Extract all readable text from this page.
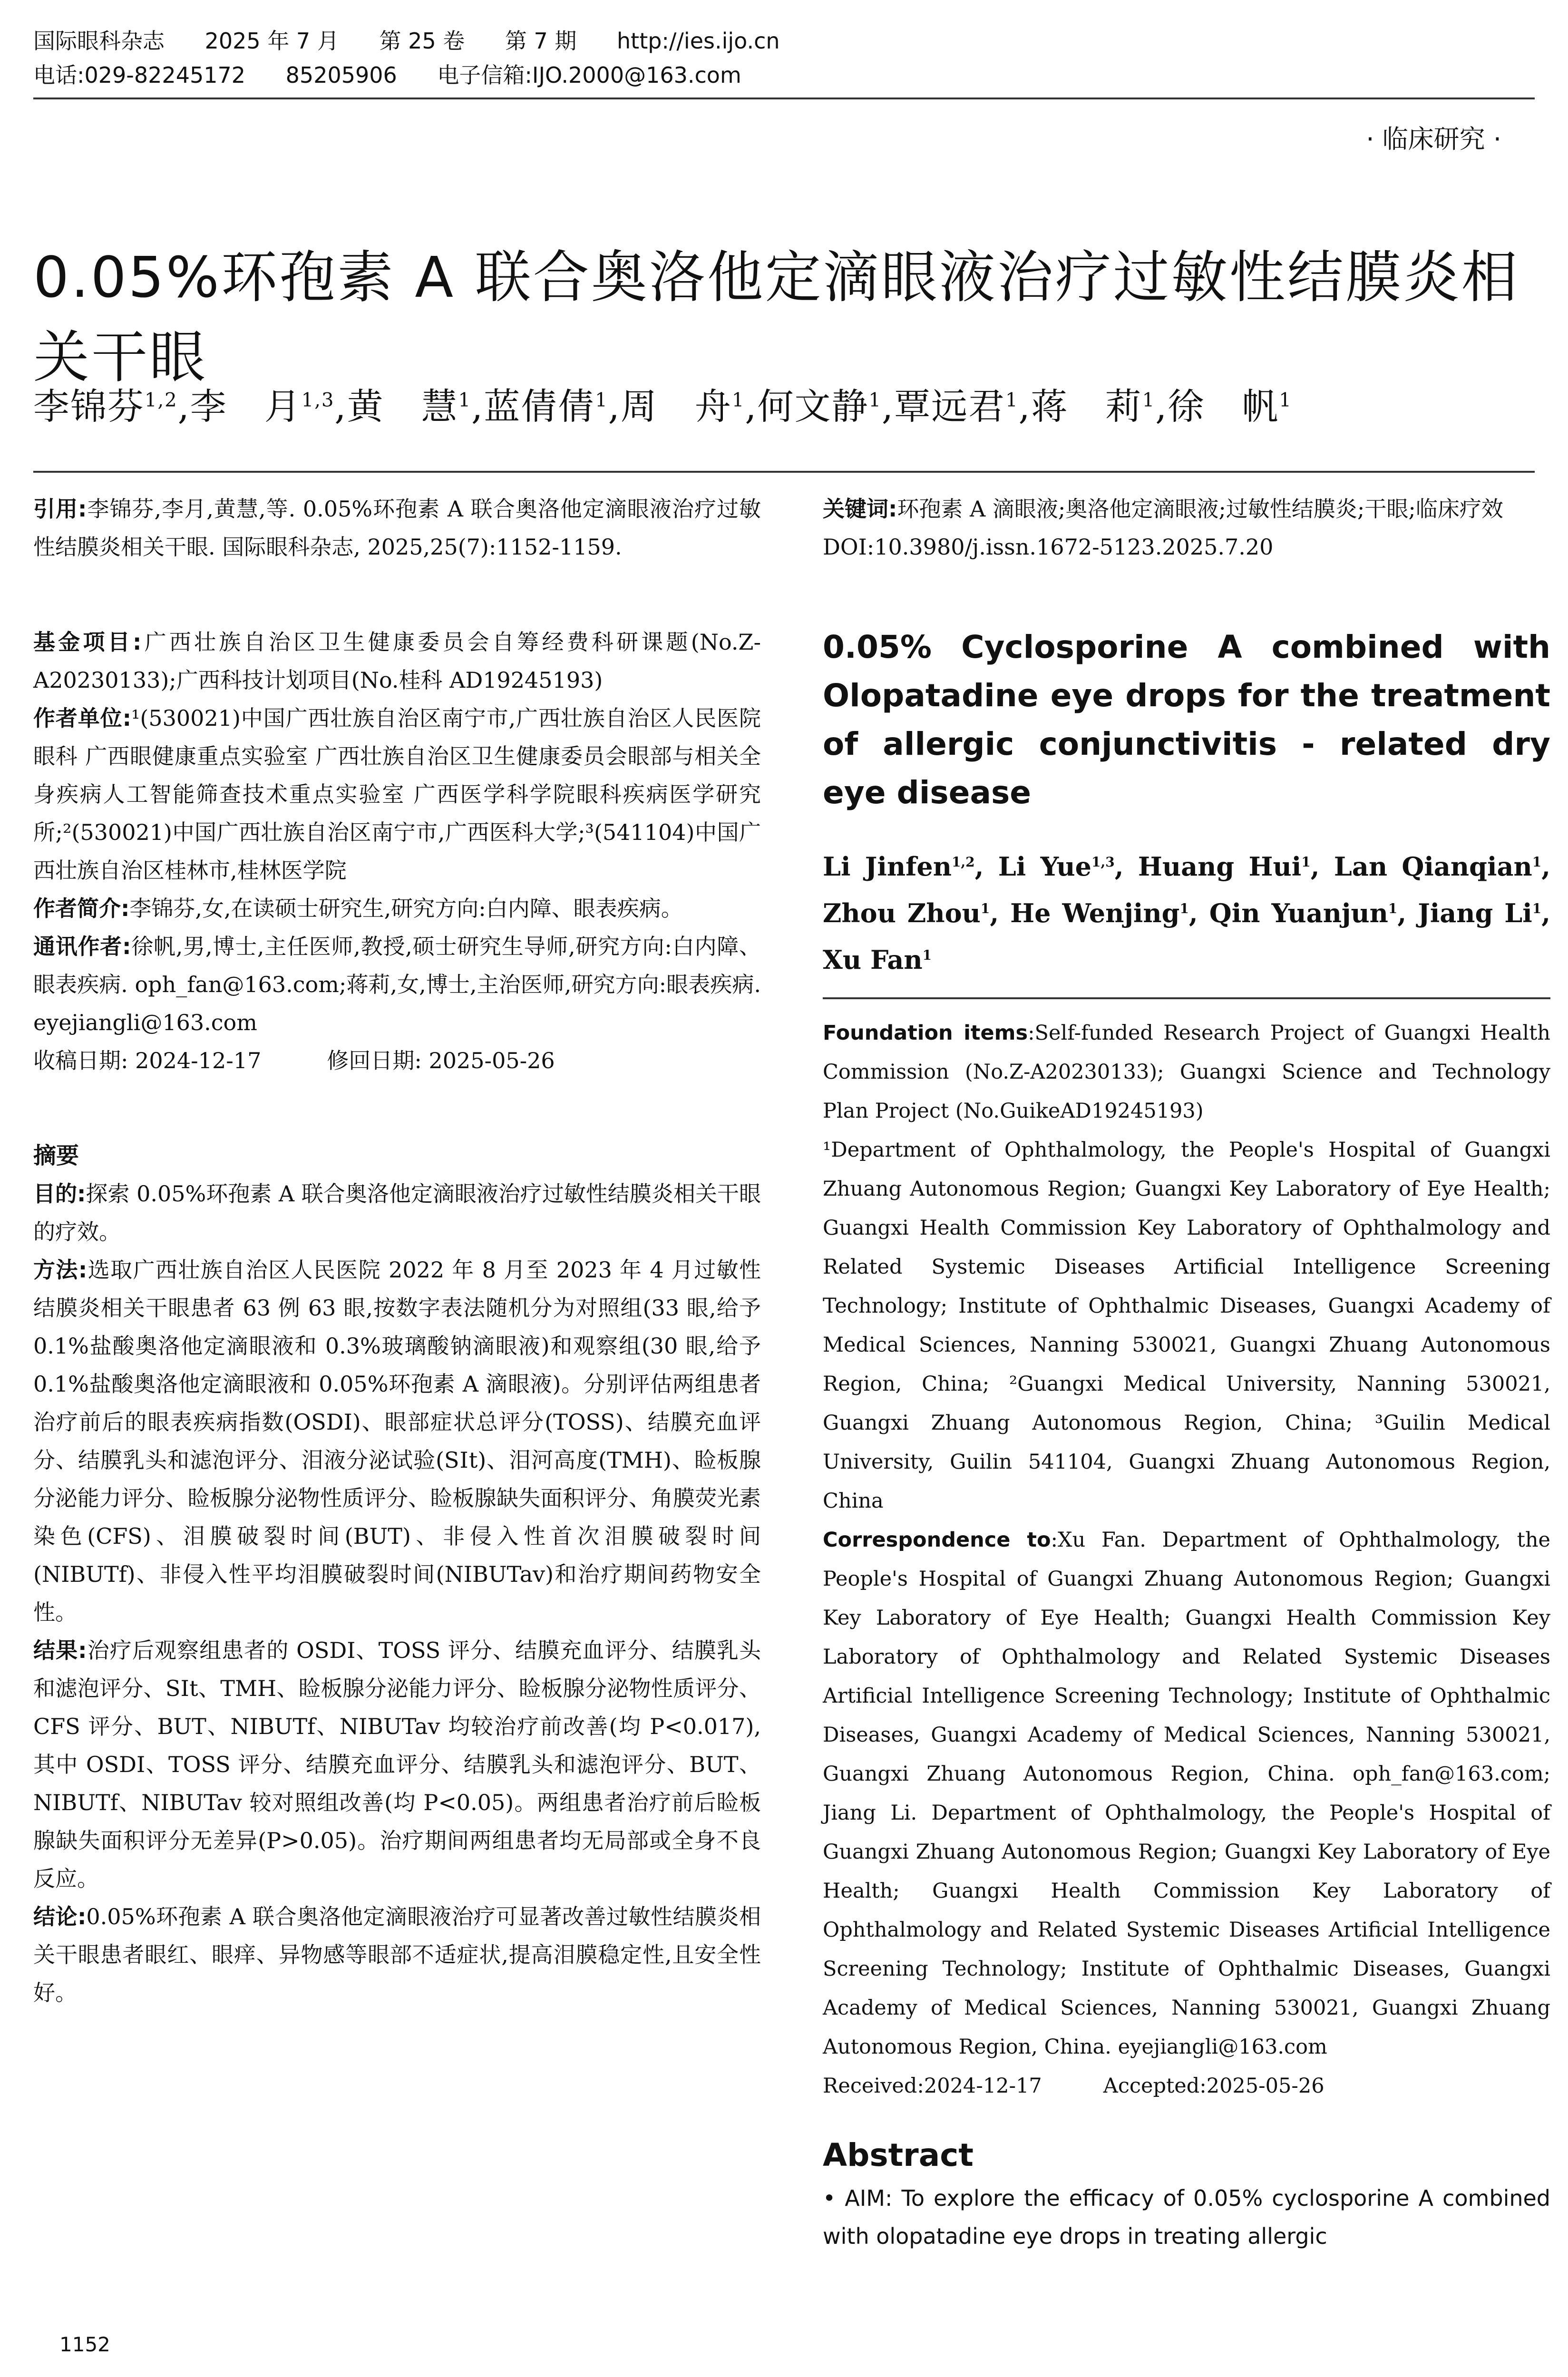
国际眼科杂志 2025 年 7 月 第 25 卷 第 7 期 http://ies.ijo.cn
电话:029-82245172 85205906 电子信箱:IJO.2000@163.com
· 临床研究 ·
0.05%环孢素 A 联合奥洛他定滴眼液治疗过敏性结膜炎相关干眼
李锦芬$^{1,2}$,李　月$^{1,3}$,黄　慧$^1$,蓝倩倩$^1$,周　舟$^1$,何文静$^1$,覃远君$^1$,蒋　莉$^1$,徐　帆$^1$

引用:李锦芬,李月,黄慧,等. 0.05%环孢素 A 联合奥洛他定滴眼液治疗过敏性结膜炎相关干眼. 国际眼科杂志, 2025,25(7):1152-1159.

基金项目:广西壮族自治区卫生健康委员会自筹经费科研课题(No.Z-A20230133);广西科技计划项目(No.桂科 AD19245193)

作者单位:¹(530021)中国广西壮族自治区南宁市,广西壮族自治区人民医院眼科 广西眼健康重点实验室 广西壮族自治区卫生健康委员会眼部与相关全身疾病人工智能筛查技术重点实验室 广西医学科学院眼科疾病医学研究所;²(530021)中国广西壮族自治区南宁市,广西医科大学;³(541104)中国广西壮族自治区桂林市,桂林医学院

作者简介:李锦芬,女,在读硕士研究生,研究方向:白内障、眼表疾病。

通讯作者:徐帆,男,博士,主任医师,教授,硕士研究生导师,研究方向:白内障、眼表疾病. oph_fan@163.com;蒋莉,女,博士,主治医师,研究方向:眼表疾病. eyejiangli@163.com

收稿日期: 2024-12-17　　　	修回日期: 2025-05-26

摘要

目的:探索 0.05%环孢素 A 联合奥洛他定滴眼液治疗过敏性结膜炎相关干眼的疗效。

方法:选取广西壮族自治区人民医院 2022 年 8 月至 2023 年 4 月过敏性结膜炎相关干眼患者 63 例 63 眼,按数字表法随机分为对照组(33 眼,给予 0.1%盐酸奥洛他定滴眼液和 0.3%玻璃酸钠滴眼液)和观察组(30 眼,给予 0.1%盐酸奥洛他定滴眼液和 0.05%环孢素 A 滴眼液)。分别评估两组患者治疗前后的眼表疾病指数(OSDI)、眼部症状总评分(TOSS)、结膜充血评分、结膜乳头和滤泡评分、泪液分泌试验(SⅠt)、泪河高度(TMH)、睑板腺分泌能力评分、睑板腺分泌物性质评分、睑板腺缺失面积评分、角膜荧光素染色(CFS)、泪膜破裂时间(BUT)、非侵入性首次泪膜破裂时间(NIBUTf)、非侵入性平均泪膜破裂时间(NIBUTav)和治疗期间药物安全性。

结果:治疗后观察组患者的 OSDI、TOSS 评分、结膜充血评分、结膜乳头和滤泡评分、SⅠt、TMH、睑板腺分泌能力评分、睑板腺分泌物性质评分、CFS 评分、BUT、NIBUTf、NIBUTav 均较治疗前改善(均 P<0.017),其中 OSDI、TOSS 评分、结膜充血评分、结膜乳头和滤泡评分、BUT、NIBUTf、NIBUTav 较对照组改善(均 P<0.05)。两组患者治疗前后睑板腺缺失面积评分无差异(P>0.05)。治疗期间两组患者均无局部或全身不良反应。

结论:0.05%环孢素 A 联合奥洛他定滴眼液治疗可显著改善过敏性结膜炎相关干眼患者眼红、眼痒、异物感等眼部不适症状,提高泪膜稳定性,且安全性好。

关键词:环孢素 A 滴眼液;奥洛他定滴眼液;过敏性结膜炎;干眼;临床疗效

DOI:10.3980/j.issn.1672-5123.2025.7.20

0.05% Cyclosporine A combined with Olopatadine eye drops for the treatment of allergic conjunctivitis - related dry eye disease

Li Jinfen$^{1,2}$, Li Yue$^{1,3}$, Huang Hui$^1$, Lan Qianqian$^1$, Zhou Zhou$^1$, He Wenjing$^1$, Qin Yuanjun$^1$, Jiang Li$^1$, Xu Fan$^1$

Foundation items:Self-funded Research Project of Guangxi Health Commission (No.Z-A20230133); Guangxi Science and Technology Plan Project (No.GuikeAD19245193)

¹Department of Ophthalmology, the People's Hospital of Guangxi Zhuang Autonomous Region; Guangxi Key Laboratory of Eye Health; Guangxi Health Commission Key Laboratory of Ophthalmology and Related Systemic Diseases Artificial Intelligence Screening Technology; Institute of Ophthalmic Diseases, Guangxi Academy of Medical Sciences, Nanning 530021, Guangxi Zhuang Autonomous Region, China; ²Guangxi Medical University, Nanning 530021, Guangxi Zhuang Autonomous Region, China; ³Guilin Medical University, Guilin 541104, Guangxi Zhuang Autonomous Region, China

Correspondence to:Xu Fan. Department of Ophthalmology, the People's Hospital of Guangxi Zhuang Autonomous Region; Guangxi Key Laboratory of Eye Health; Guangxi Health Commission Key Laboratory of Ophthalmology and Related Systemic Diseases Artificial Intelligence Screening Technology; Institute of Ophthalmic Diseases, Guangxi Academy of Medical Sciences, Nanning 530021, Guangxi Zhuang Autonomous Region, China. oph_fan@163.com; Jiang Li. Department of Ophthalmology, the People's Hospital of Guangxi Zhuang Autonomous Region; Guangxi Key Laboratory of Eye Health; Guangxi Health Commission Key Laboratory of Ophthalmology and Related Systemic Diseases Artificial Intelligence Screening Technology; Institute of Ophthalmic Diseases, Guangxi Academy of Medical Sciences, Nanning 530021, Guangxi Zhuang Autonomous Region, China. eyejiangli@163.com

Received:2024-12-17　　　	Accepted:2025-05-26

Abstract

• AIM: To explore the efficacy of 0.05% cyclosporine A combined with olopatadine eye drops in treating allergic

1152
